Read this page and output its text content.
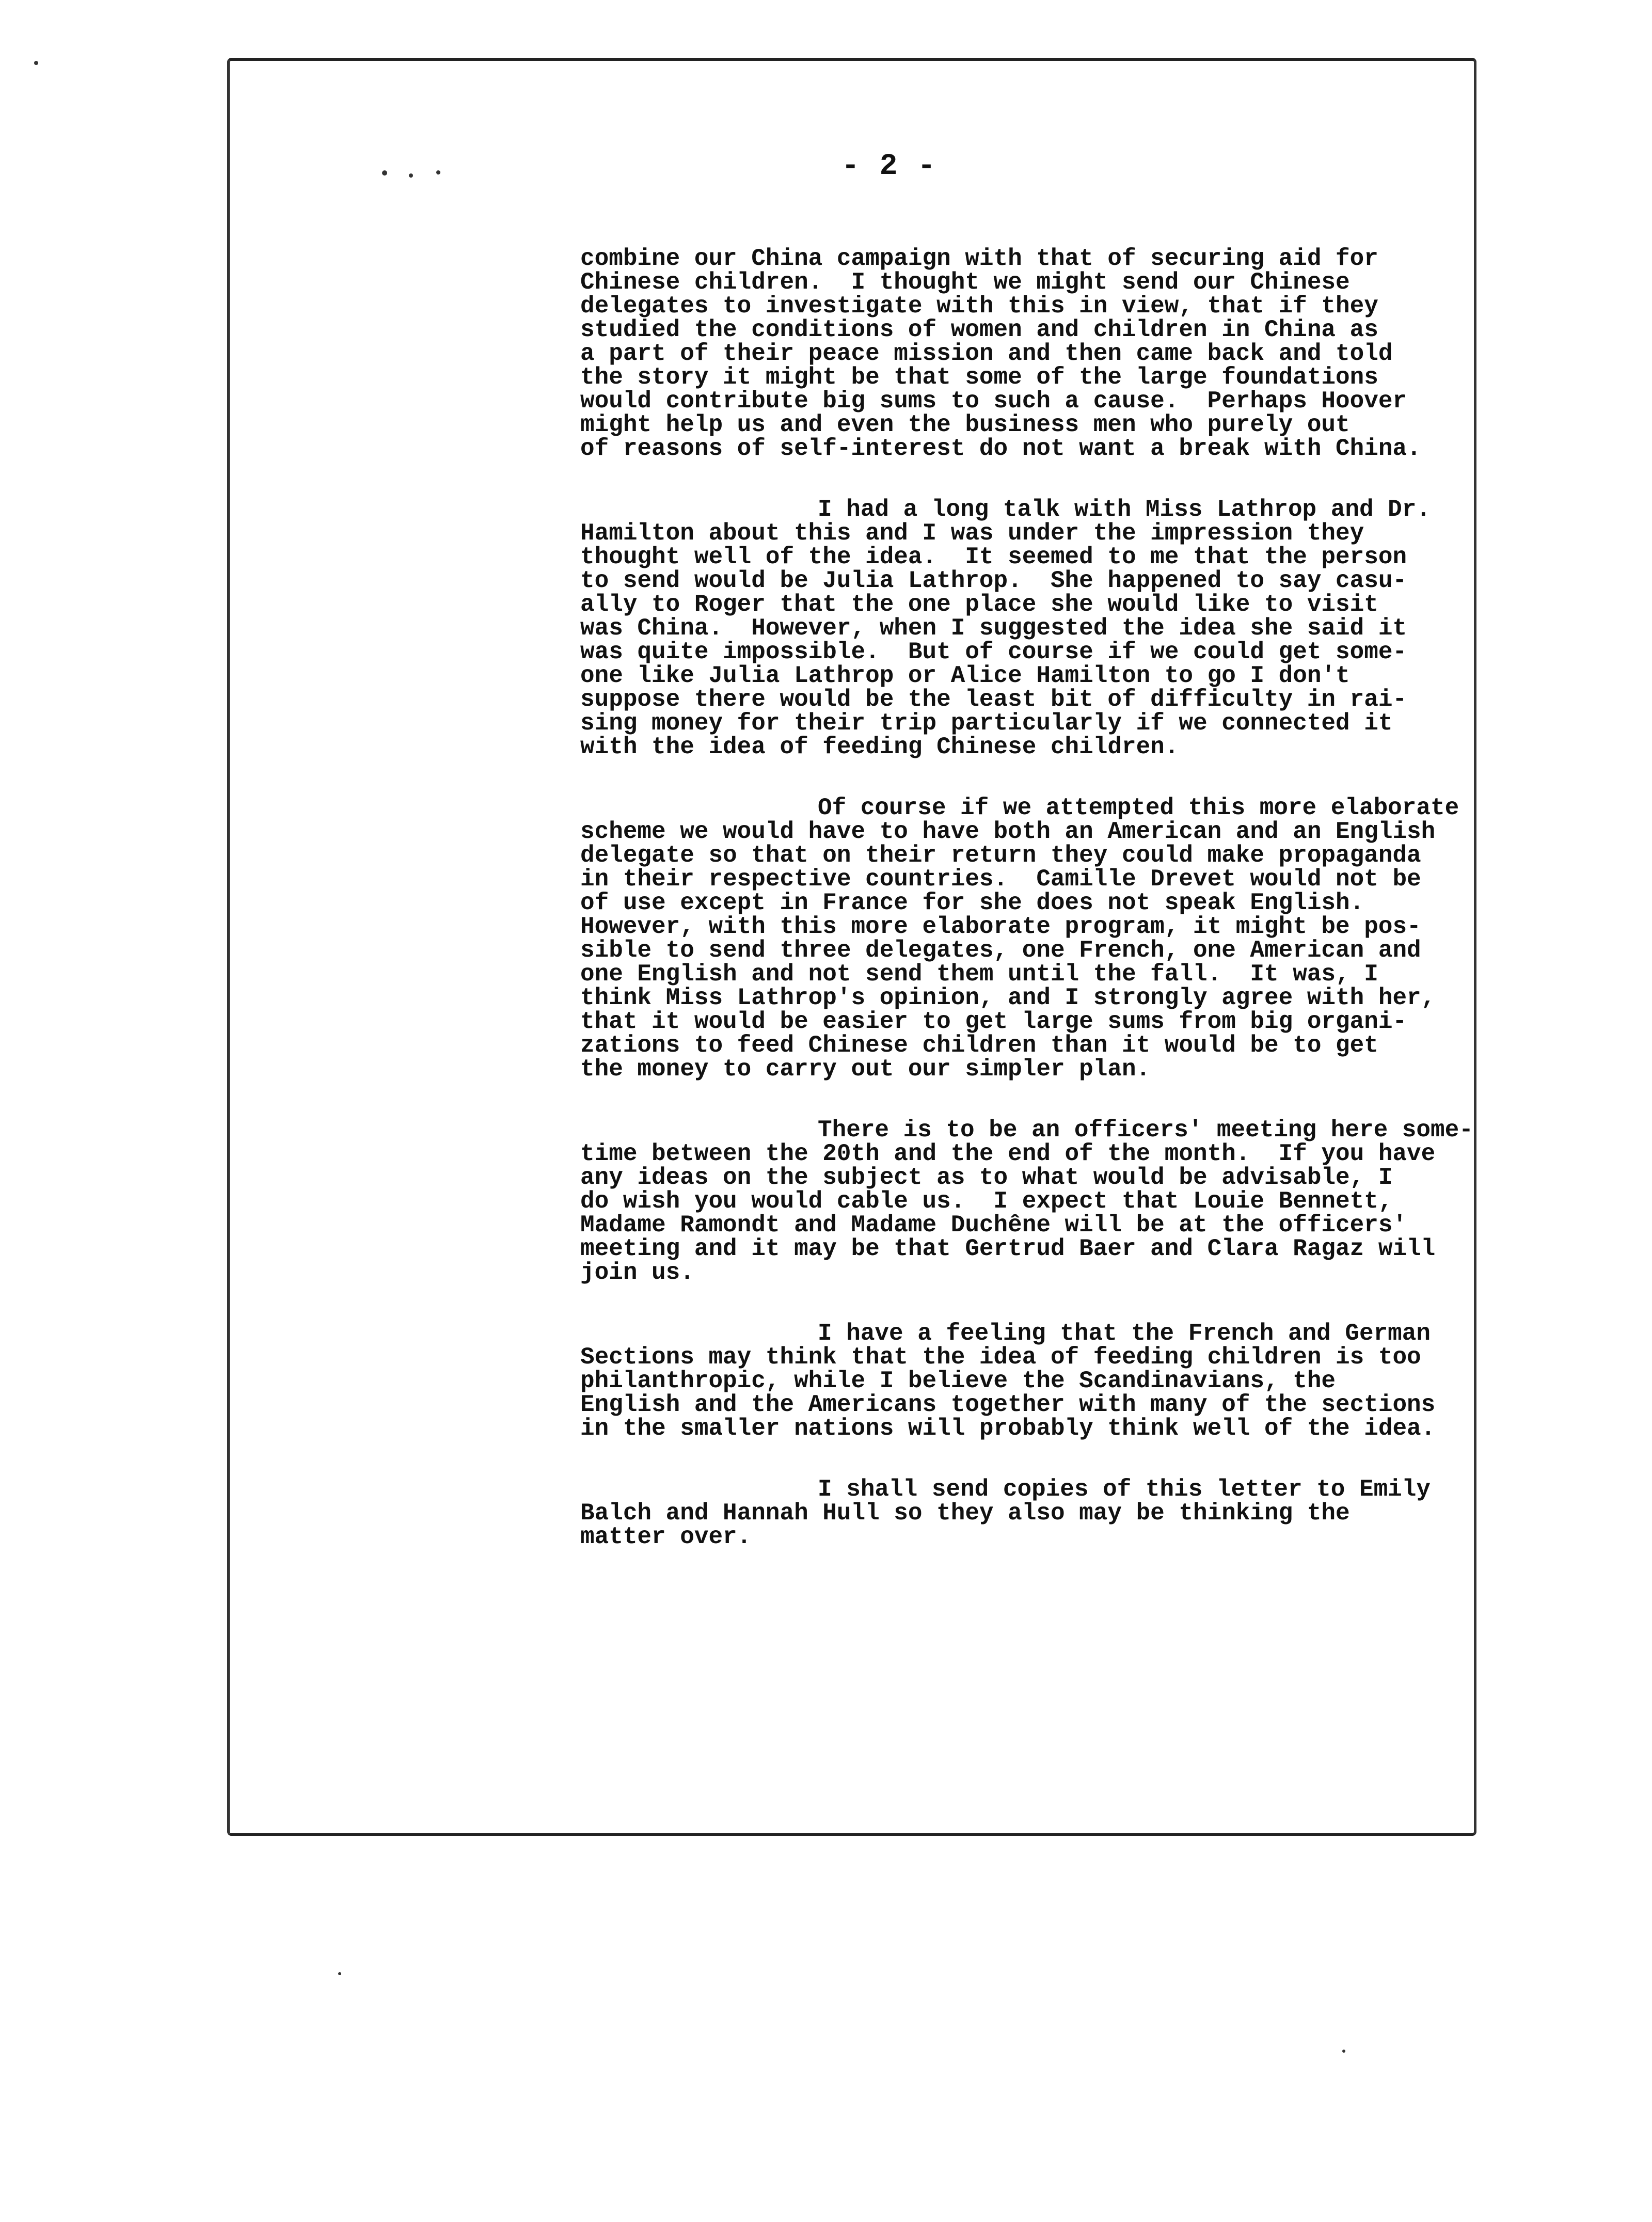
- 2 -
combine our China campaign with that of securing aid for
Chinese children.  I thought we might send our Chinese
delegates to investigate with this in view, that if they
studied the conditions of women and children in China as
a part of their peace mission and then came back and told
the story it might be that some of the large foundations
would contribute big sums to such a cause.  Perhaps Hoover
might help us and even the business men who purely out
of reasons of self-interest do not want a break with China.
I had a long talk with Miss Lathrop and Dr.
Hamilton about this and I was under the impression they
thought well of the idea.  It seemed to me that the person
to send would be Julia Lathrop.  She happened to say casu-
ally to Roger that the one place she would like to visit
was China.  However, when I suggested the idea she said it
was quite impossible.  But of course if we could get some-
one like Julia Lathrop or Alice Hamilton to go I don't
suppose there would be the least bit of difficulty in rai-
sing money for their trip particularly if we connected it
with the idea of feeding Chinese children.
Of course if we attempted this more elaborate
scheme we would have to have both an American and an English
delegate so that on their return they could make propaganda
in their respective countries.  Camille Drevet would not be
of use except in France for she does not speak English.
However, with this more elaborate program, it might be pos-
sible to send three delegates, one French, one American and
one English and not send them until the fall.  It was, I
think Miss Lathrop's opinion, and I strongly agree with her,
that it would be easier to get large sums from big organi-
zations to feed Chinese children than it would be to get
the money to carry out our simpler plan.
There is to be an officers' meeting here some-
time between the 20th and the end of the month.  If you have
any ideas on the subject as to what would be advisable, I
do wish you would cable us.  I expect that Louie Bennett,
Madame Ramondt and Madame Duchêne will be at the officers'
meeting and it may be that Gertrud Baer and Clara Ragaz will
join us.
I have a feeling that the French and German
Sections may think that the idea of feeding children is too
philanthropic, while I believe the Scandinavians, the
English and the Americans together with many of the sections
in the smaller nations will probably think well of the idea.
I shall send copies of this letter to Emily
Balch and Hannah Hull so they also may be thinking the
matter over.
